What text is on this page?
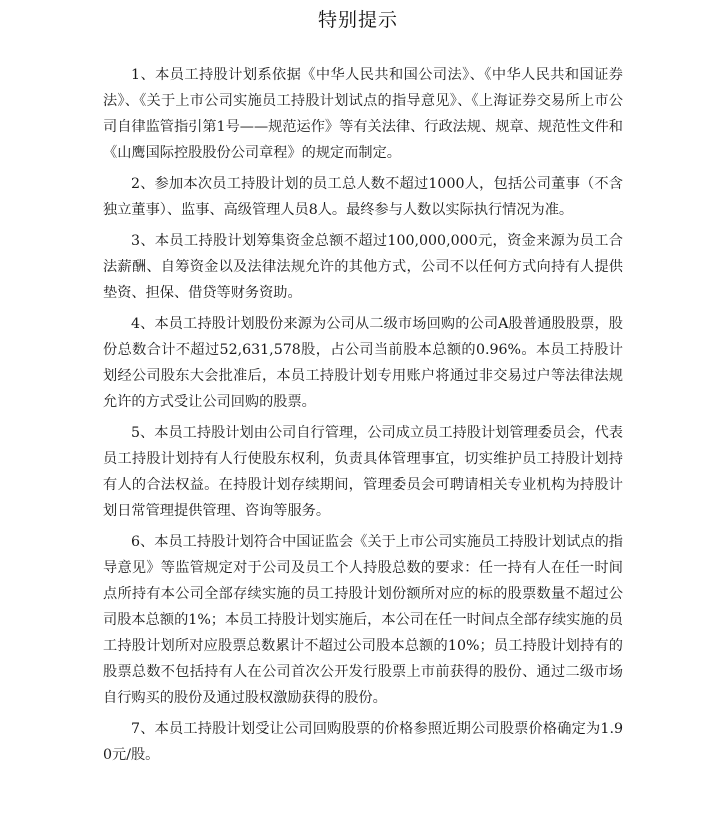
特别提示

1、本员工持股计划系依据《中华人民共和国公司法》、《中华人民共和国证券法》、《关于上市公司实施员工持股计划试点的指导意见》、《上海证券交易所上市公司自律监管指引第1号——规范运作》等有关法律、行政法规、规章、规范性文件和《山鹰国际控股股份公司章程》的规定而制定。

2、参加本次员工持股计划的员工总人数不超过1000人，包括公司董事（不含独立董事）、监事、高级管理人员8人。最终参与人数以实际执行情况为准。

3、本员工持股计划筹集资金总额不超过100,000,000元，资金来源为员工合法薪酬、自筹资金以及法律法规允许的其他方式，公司不以任何方式向持有人提供垫资、担保、借贷等财务资助。

4、本员工持股计划股份来源为公司从二级市场回购的公司A股普通股股票，股份总数合计不超过52,631,578股，占公司当前股本总额的0.96%。本员工持股计划经公司股东大会批准后，本员工持股计划专用账户将通过非交易过户等法律法规允许的方式受让公司回购的股票。

5、本员工持股计划由公司自行管理，公司成立员工持股计划管理委员会，代表员工持股计划持有人行使股东权利，负责具体管理事宜，切实维护员工持股计划持有人的合法权益。在持股计划存续期间，管理委员会可聘请相关专业机构为持股计划日常管理提供管理、咨询等服务。

6、本员工持股计划符合中国证监会《关于上市公司实施员工持股计划试点的指导意见》等监管规定对于公司及员工个人持股总数的要求：任一持有人在任一时间点所持有本公司全部存续实施的员工持股计划份额所对应的标的股票数量不超过公司股本总额的1%；本员工持股计划实施后，本公司在任一时间点全部存续实施的员工持股计划所对应股票总数累计不超过公司股本总额的10%；员工持股计划持有的股票总数不包括持有人在公司首次公开发行股票上市前获得的股份、通过二级市场自行购买的股份及通过股权激励获得的股份。

7、本员工持股计划受让公司回购股票的价格参照近期公司股票价格确定为1.90元/股。
